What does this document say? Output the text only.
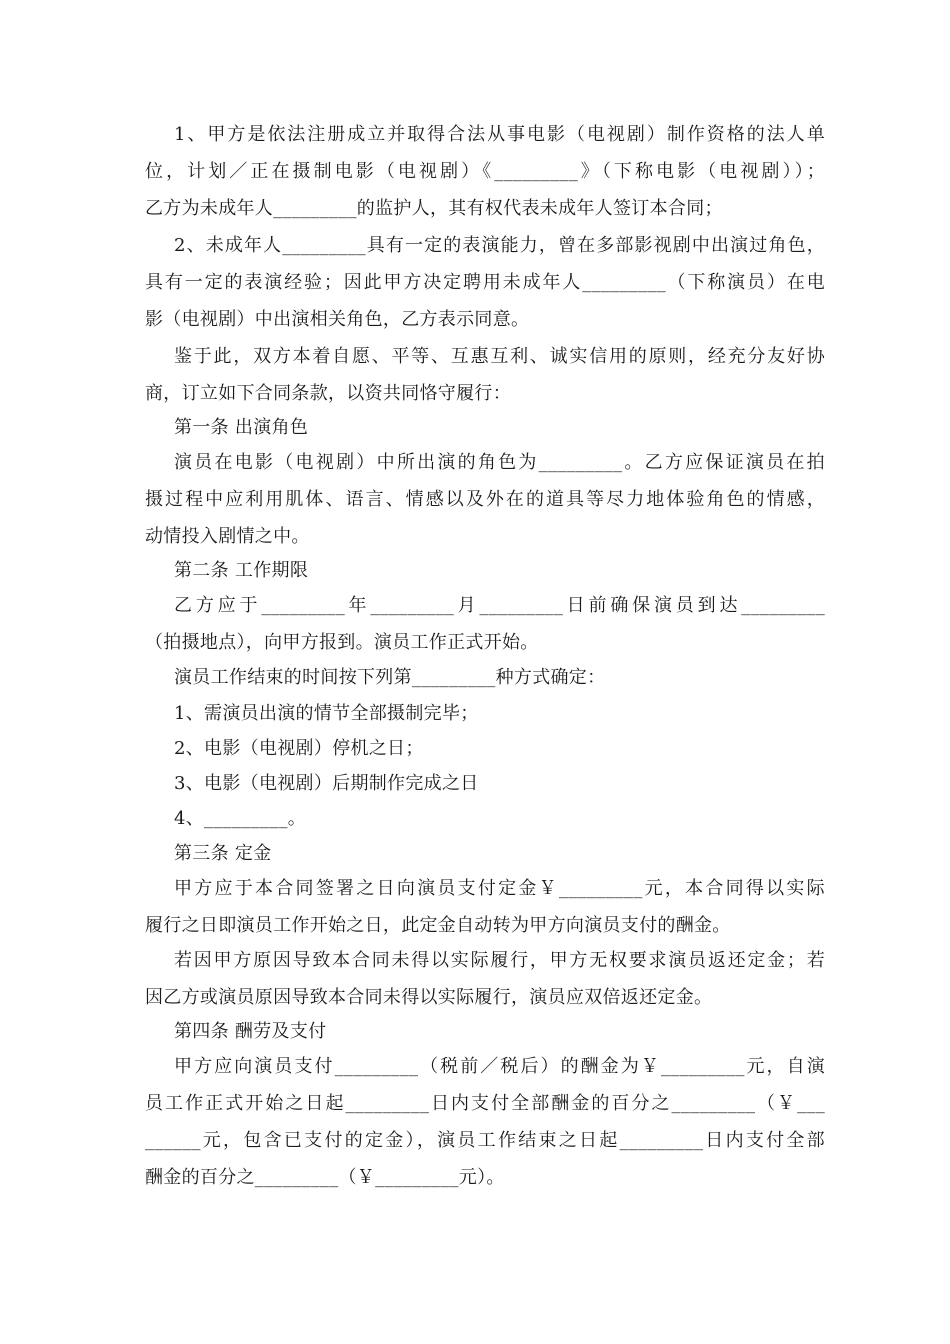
1、甲方是依法注册成立并取得合法从事电影（电视剧）制作资格的法人单
位，计划／正在摄制电影（电视剧）《_________》（下称电影（电视剧））；
乙方为未成年人_________的监护人，其有权代表未成年人签订本合同；
2、未成年人_________具有一定的表演能力，曾在多部影视剧中出演过角色，
具有一定的表演经验；因此甲方决定聘用未成年人_________（下称演员）在电
影（电视剧）中出演相关角色，乙方表示同意。
鉴于此，双方本着自愿、平等、互惠互利、诚实信用的原则，经充分友好协
商，订立如下合同条款，以资共同恪守履行：
第一条 出演角色
演员在电影（电视剧）中所出演的角色为_________。乙方应保证演员在拍
摄过程中应利用肌体、语言、情感以及外在的道具等尽力地体验角色的情感，
动情投入剧情之中。
第二条 工作期限
乙方应于_________年_________月_________日前确保演员到达_________
（拍摄地点），向甲方报到。演员工作正式开始。
演员工作结束的时间按下列第_________种方式确定：
1、需演员出演的情节全部摄制完毕；
2、电影（电视剧）停机之日；
3、电影（电视剧）后期制作完成之日
4、_________。
第三条 定金
甲方应于本合同签署之日向演员支付定金￥_________元，本合同得以实际
履行之日即演员工作开始之日，此定金自动转为甲方向演员支付的酬金。
若因甲方原因导致本合同未得以实际履行，甲方无权要求演员返还定金；若
因乙方或演员原因导致本合同未得以实际履行，演员应双倍返还定金。
第四条 酬劳及支付
甲方应向演员支付_________（税前／税后）的酬金为￥_________元，自演
员工作正式开始之日起_________日内支付全部酬金的百分之_________（￥___
______元，包含已支付的定金），演员工作结束之日起_________日内支付全部
酬金的百分之_________（￥_________元）。
